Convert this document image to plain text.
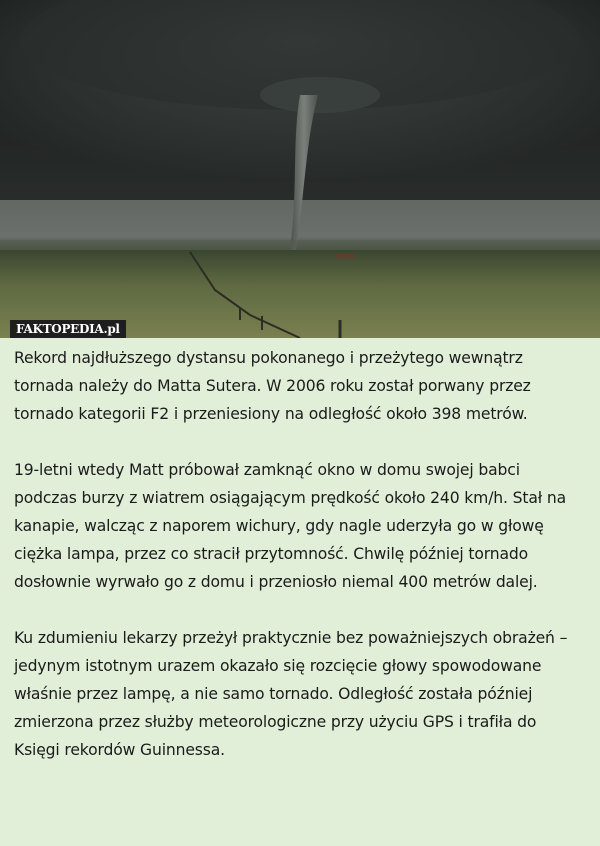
FAKTOPEDIA.pl

Rekord najdłuższego dystansu pokonanego i przeżytego wewnątrz tornada należy do Matta Sutera. W 2006 roku został porwany przez tornado kategorii F2 i przeniesiony na odległość około 398 metrów.

19-letni wtedy Matt próbował zamknąć okno w domu swojej babci podczas burzy z wiatrem osiągającym prędkość około 240 km/h. Stał na kanapie, walcząc z naporem wichury, gdy nagle uderzyła go w głowę ciężka lampa, przez co stracił przytomność. Chwilę później tornado dosłownie wyrwało go z domu i przeniosło niemal 400 metrów dalej.

Ku zdumieniu lekarzy przeżył praktycznie bez poważniejszych obrażeń – jedynym istotnym urazem okazało się rozcięcie głowy spowodowane właśnie przez lampę, a nie samo tornado. Odległość została później zmierzona przez służby meteorologiczne przy użyciu GPS i trafiła do Księgi rekordów Guinnessa.
